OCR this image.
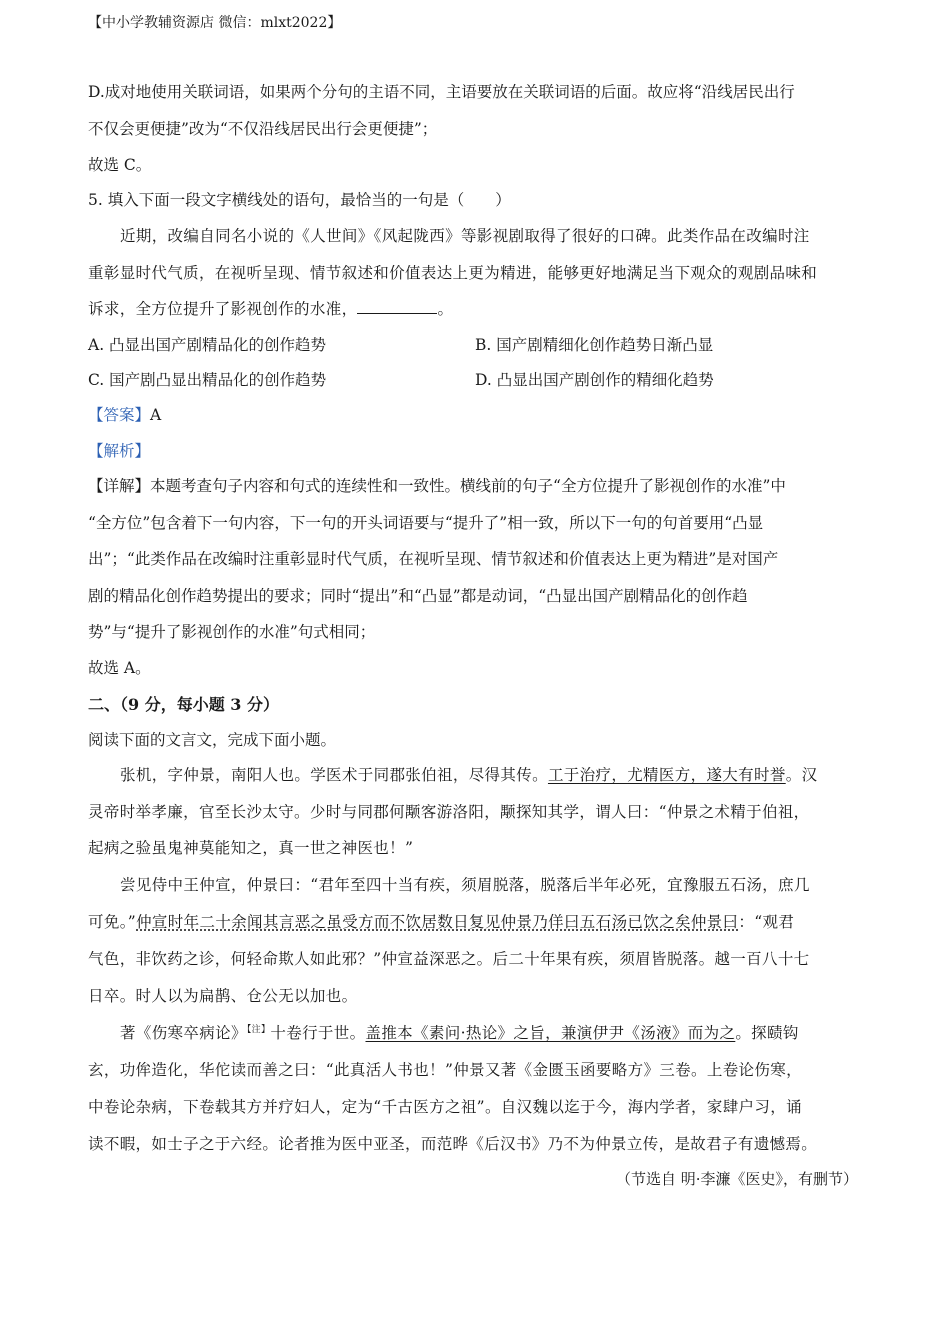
【中小学教辅资源店 微信：mlxt2022】
D.成对地使用关联词语，如果两个分句的主语不同，主语要放在关联词语的后面。故应将“沿线居民出行
不仅会更便捷”改为“不仅沿线居民出行会更便捷”；
故选 C。
5. 填入下面一段文字横线处的语句，最恰当的一句是（　　）
近期，改编自同名小说的《人世间》《风起陇西》等影视剧取得了很好的口碑。此类作品在改编时注
重彰显时代气质，在视听呈现、情节叙述和价值表达上更为精进，能够更好地满足当下观众的观剧品味和
诉求，全方位提升了影视创作的水准，	。
A. 凸显出国产剧精品化的创作趋势	B. 国产剧精细化创作趋势日渐凸显
C. 国产剧凸显出精品化的创作趋势	D. 凸显出国产剧创作的精细化趋势
【答案】A
【解析】
【详解】本题考查句子内容和句式的连续性和一致性。横线前的句子“全方位提升了影视创作的水准”中
“全方位”包含着下一句内容，下一句的开头词语要与“提升了”相一致，所以下一句的句首要用“凸显
出”；“此类作品在改编时注重彰显时代气质，在视听呈现、情节叙述和价值表达上更为精进”是对国产
剧的精品化创作趋势提出的要求；同时“提出”和“凸显”都是动词，“凸显出国产剧精品化的创作趋
势”与“提升了影视创作的水准”句式相同；
故选 A。
二、（9 分，每小题 3 分）
阅读下面的文言文，完成下面小题。
张机，字仲景，南阳人也。学医术于同郡张伯祖，尽得其传。工于治疗，尤精医方，遂大有时誉。汉
灵帝时举孝廉，官至长沙太守。少时与同郡何颙客游洛阳，颙探知其学，谓人曰：“仲景之术精于伯祖，
起病之验虽鬼神莫能知之，真一世之神医也！”
尝见侍中王仲宣，仲景曰：“君年至四十当有疾，须眉脱落，脱落后半年必死，宜豫服五石汤，庶几
可免。”仲宣时年二十余闻其言恶之虽受方而不饮居数日复见仲景乃佯曰五石汤已饮之矣仲景曰：“观君
气色，非饮药之诊，何轻命欺人如此邪？”仲宣益深恶之。后二十年果有疾，须眉皆脱落。越一百八十七
日卒。时人以为扁鹊、仓公无以加也。
著《伤寒卒病论》$^{【注】}$十卷行于世。盖推本《素问·热论》之旨，兼演伊尹《汤液》而为之。探赜钩
玄，功侔造化，华佗读而善之曰：“此真活人书也！”仲景又著《金匮玉函要略方》三卷。上卷论伤寒，
中卷论杂病，下卷载其方并疗妇人，定为“千古医方之祖”。自汉魏以迄于今，海内学者，家肆户习，诵
读不暇，如士子之于六经。论者推为医中亚圣，而范晔《后汉书》乃不为仲景立传，是故君子有遗憾焉。
（节选自 明·李濂《医史》，有删节）
